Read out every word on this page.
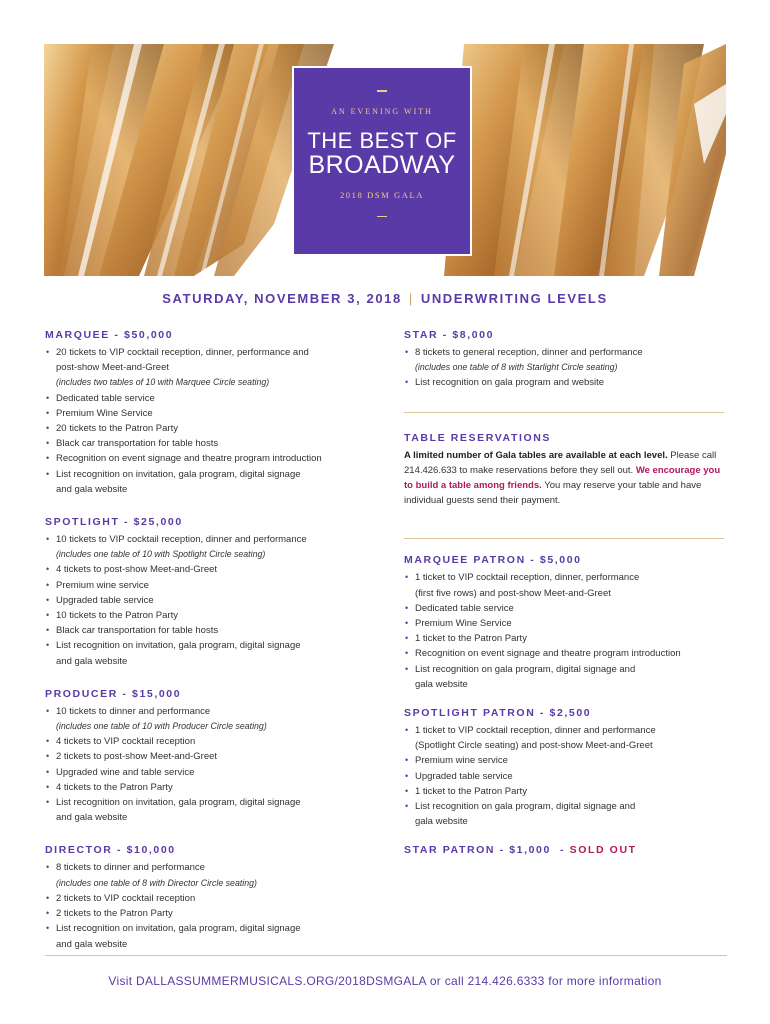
AN EVENING WITH
THE BEST OF
BROADWAY
2018 DSM GALA
SATURDAY, NOVEMBER 3, 2018 | UNDERWRITING LEVELS
MARQUEE - $50,000
• 20 tickets to VIP cocktail reception, dinner, performance and
post-show Meet-and-Greet
(includes two tables of 10 with Marquee Circle seating)
• Dedicated table service
• Premium Wine Service
• 20 tickets to the Patron Party
• Black car transportation for table hosts
• Recognition on event signage and theatre program introduction
• List recognition on invitation, gala program, digital signage
and gala website
SPOTLIGHT - $25,000
• 10 tickets to VIP cocktail reception, dinner and performance
(includes one table of 10 with Spotlight Circle seating)
• 4 tickets to post-show Meet-and-Greet
• Premium wine service
• Upgraded table service
• 10 tickets to the Patron Party
• Black car transportation for table hosts
• List recognition on invitation, gala program, digital signage
and gala website
PRODUCER - $15,000
• 10 tickets to dinner and performance
(includes one table of 10 with Producer Circle seating)
• 4 tickets to VIP cocktail reception
• 2 tickets to post-show Meet-and-Greet
• Upgraded wine and table service
• 4 tickets to the Patron Party
• List recognition on invitation, gala program, digital signage
and gala website
DIRECTOR - $10,000
• 8 tickets to dinner and performance
(includes one table of 8 with Director Circle seating)
• 2 tickets to VIP cocktail reception
• 2 tickets to the Patron Party
• List recognition on invitation, gala program, digital signage
and gala website
STAR - $8,000
• 8 tickets to general reception, dinner and performance
(includes one table of 8 with Starlight Circle seating)
• List recognition on gala program and website
TABLE RESERVATIONS
A limited number of Gala tables are available at each level. Please call 214.426.633 to make reservations before they sell out. We encourage you to build a table among friends. You may reserve your table and have individual guests send their payment.
MARQUEE PATRON - $5,000
• 1 ticket to VIP cocktail reception, dinner, performance
(first five rows) and post-show Meet-and-Greet
• Dedicated table service
• Premium Wine Service
• 1 ticket to the Patron Party
• Recognition on event signage and theatre program introduction
• List recognition on gala program, digital signage and
gala website
SPOTLIGHT PATRON - $2,500
• 1 ticket to VIP cocktail reception, dinner and performance
(Spotlight Circle seating) and post-show Meet-and-Greet
• Premium wine service
• Upgraded table service
• 1 ticket to the Patron Party
• List recognition on gala program, digital signage and
gala website
STAR PATRON - $1,000  - SOLD OUT
Visit DALLASSUMMERMUSICALS.ORG/2018DSMGALA or call 214.426.6333 for more information
